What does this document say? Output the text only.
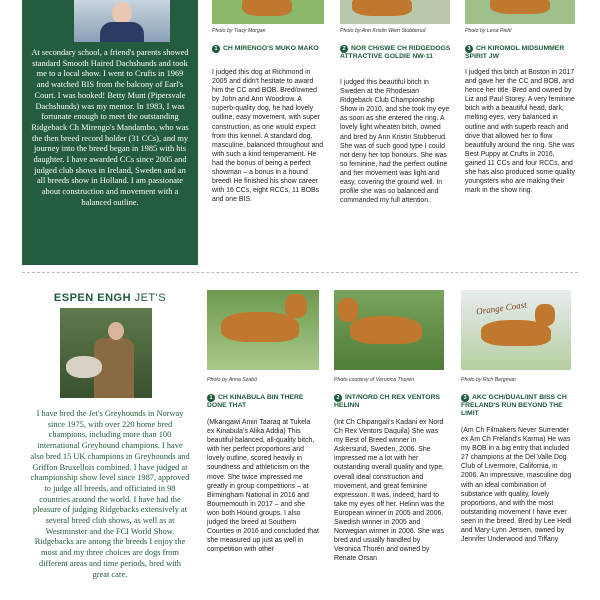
At secondary school, a friend's parents showed standard Smooth Haired Dachshunds and took me to a local show. I went to Crufts in 1969 and watched BIS from the balcony of Earl's Court. I was hooked! Betty Munt (Pipersvale Dachshunds) was my mentor. In 1983, I was fortunate enough to meet the outstanding Ridgeback Ch Mirengo's Mandambo, who was the then breed record holder (31 CCs), and my journey into the breed began in 1985 with his daughter. I have awarded CCs since 2005 and judged club shows in Ireland, Sweden and an all breeds show in Holland. I am passionate about construction and movement with a balanced outline.
Photo by Tracy Morgan	Photo by Ann Kristin Wien Stubberud	Photo by Lena Piehl
1 CH MIRENGO'S MUKO MAKO
I judged this dog at Richmond in 2005 and didn't hesitate to award him the CC and BOB. Bred/owned by John and Ann Woodrow. A superb-quality dog, he had lovely outline, easy movement, with super construction, as one would expect from this kennel. A standard dog, masculine, balanced throughout and with such a kind temperament. He had the bonus of being a perfect showman – a bonus in a hound breed! He finished his show career with 16 CCs, eight RCCs, 11 BOBs and one BIS.
2 NOR CH/SWE CH RIDGEDOGS ATTRACTIVE GOLDIE NW-11
I judged this beautiful bitch in Sweden at the Rhodesian Ridgeback Club Championship Show in 2010, and she took my eye as soon as she entered the ring. A lovely light wheaten bitch, owned and bred by Ann Kristin Stubberud. She was of such good type I could not deny her top honours. She was so feminine, had the perfect outline and her movement was light and easy, covering the ground well. In profile she was so balanced and commanded my full attention.
3 CH KIROMOL MIDSUMMER SPIRIT JW
I judged this bitch at Boston in 2017 and gave her the CC and BOB, and hence her title. Bred and owned by Liz and Paul Storey. A very feminine bitch with a beautiful head, dark, melting eyes, very balanced in outline and with superb reach and drive that allowed her to flow beautifully around the ring. She was Best Puppy at Crufts in 2016, gained 11 CCs and four RCCs, and she has also produced some quality youngsters who are making their mark in the show ring.
ESPEN ENGH JET'S
I have bred the Jet's Greyhounds in Norway since 1975, with over 220 home bred champions, including more than 100 international Greyhound champions. I have also bred 15 UK champions in Greyhounds and Griffon Bruxellois combined. I have judged at championship show level since 1987, approved to judge all breeds, and officiated in 98 countries around the world. I have had the pleasure of judging Ridgebacks extensively at several breed club shows, as well as at Westminster and the FCI World Show. Ridgebacks are among the breeds I enjoy the most and my three choices are dogs from different areas and time periods, bred with great care.
Photo by Anna Szabó	Photo courtesy of Veronica Thorén
Orange Coast
Photo by Rich Bergman
1 CH KINABULA BIN THERE DONE THAT
(Mkangawi Amiri Taaraq at Tukela ex Kinabula's Alika Addia) This beautiful balanced, all-quality bitch, with her perfect proportions and lovely outline, scored heavily in soundness and athleticism on the move. She twice impressed me greatly in group competitions – at Birmingham National in 2016 and Bournemouth in 2017 – and she won both Hound groups. I also judged the breed at Southern Counties in 2016 and concluded that she measured up just as well in competition with other
2 INT/NORD CH REX VENTORS HELINN
(Int Ch Chipangali's Kadani ex Nord Ch Rex Ventors Daquila) She was my Best of Breed winner in Askersund, Sweden, 2006. She impressed me a lot with her outstanding overall quality and type, overall ideal construction and movement, and great feminine expression. It was, indeed, hard to take my eyes off her. Helinn was the European winner in 2005 and 2006, Swedish winner in 2005 and Norwegian winner in 2006. She was bred and usually handled by Veronica Thorén and owned by Renate Orsan
3 AKC GCH/DUAL/INT BISS CH FRELAND'S RUN BEYOND THE LIMIT
(Am Ch Filmakers Never Surrender ex Am Ch Freland's Karma) He was my BOB in a big entry that included 27 champions at the Del Valle Dog Club of Livermore, California, in 2006. An impressive, masculine dog with an ideal combination of substance with quality, lovely proportions, and with the most outstanding movement I have ever seen in the breed. Bred by Lee Hedl and Mary-Lynn Jensen, owned by Jennifer Underwood and Tiffany
